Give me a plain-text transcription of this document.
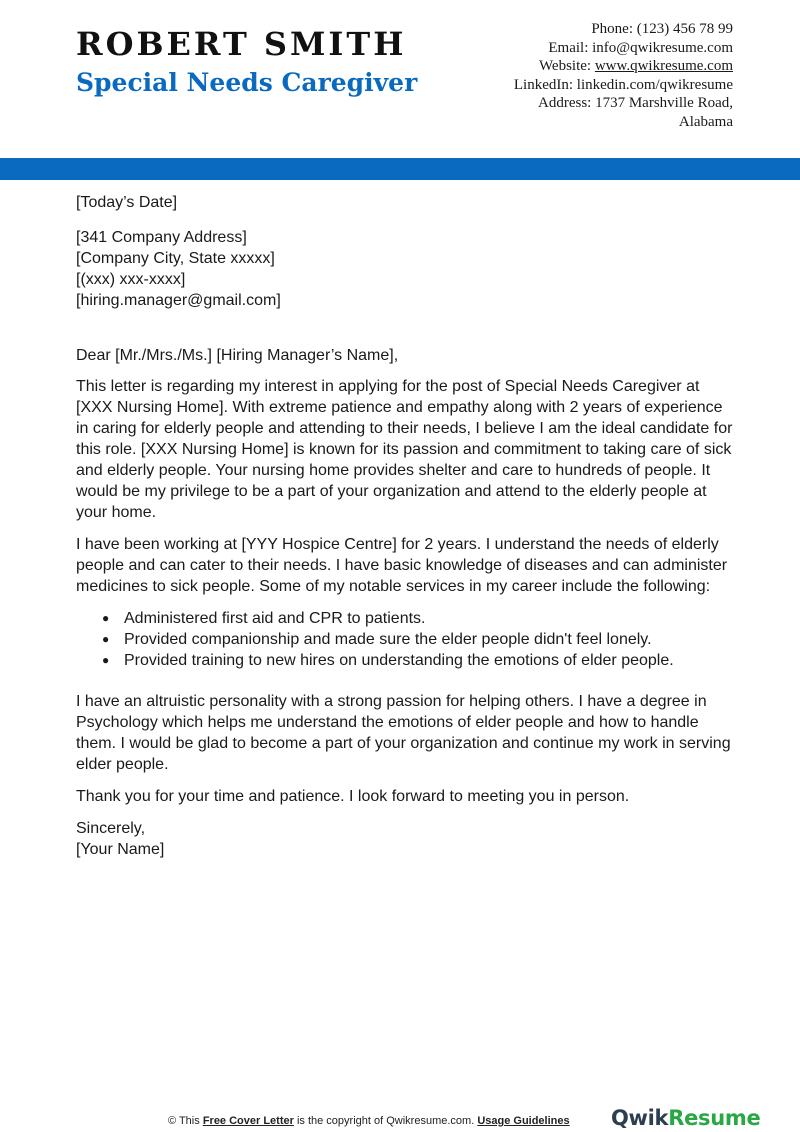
ROBERT SMITH
Special Needs Caregiver
Phone: (123) 456 78 99
Email: info@qwikresume.com
Website: www.qwikresume.com
LinkedIn: linkedin.com/qwikresume
Address: 1737 Marshville Road,
Alabama

[Today’s Date]

[341 Company Address]

[Company City, State xxxxx]

[(xxx) xxx-xxxx]

[hiring.manager@gmail.com]

Dear [Mr./Mrs./Ms.] [Hiring Manager’s Name],

This letter is regarding my interest in applying for the post of Special Needs Caregiver at [XXX Nursing Home]. With extreme patience and empathy along with 2 years of experience in caring for elderly people and attending to their needs, I believe I am the ideal candidate for this role. [XXX Nursing Home] is known for its passion and commitment to taking care of sick and elderly people. Your nursing home provides shelter and care to hundreds of people. It would be my privilege to be a part of your organization and attend to the elderly people at your home.

I have been working at [YYY Hospice Centre] for 2 years. I understand the needs of elderly people and can cater to their needs. I have basic knowledge of diseases and can administer medicines to sick people. Some of my notable services in my career include the following:

● Administered first aid and CPR to patients.
● Provided companionship and made sure the elder people didn't feel lonely.
● Provided training to new hires on understanding the emotions of elder people.

I have an altruistic personality with a strong passion for helping others. I have a degree in Psychology which helps me understand the emotions of elder people and how to handle them. I would be glad to become a part of your organization and continue my work in serving elder people.

Thank you for your time and patience. I look forward to meeting you in person.

Sincerely,

[Your Name]

© This Free Cover Letter is the copyright of Qwikresume.com. Usage Guidelines QwikResume
